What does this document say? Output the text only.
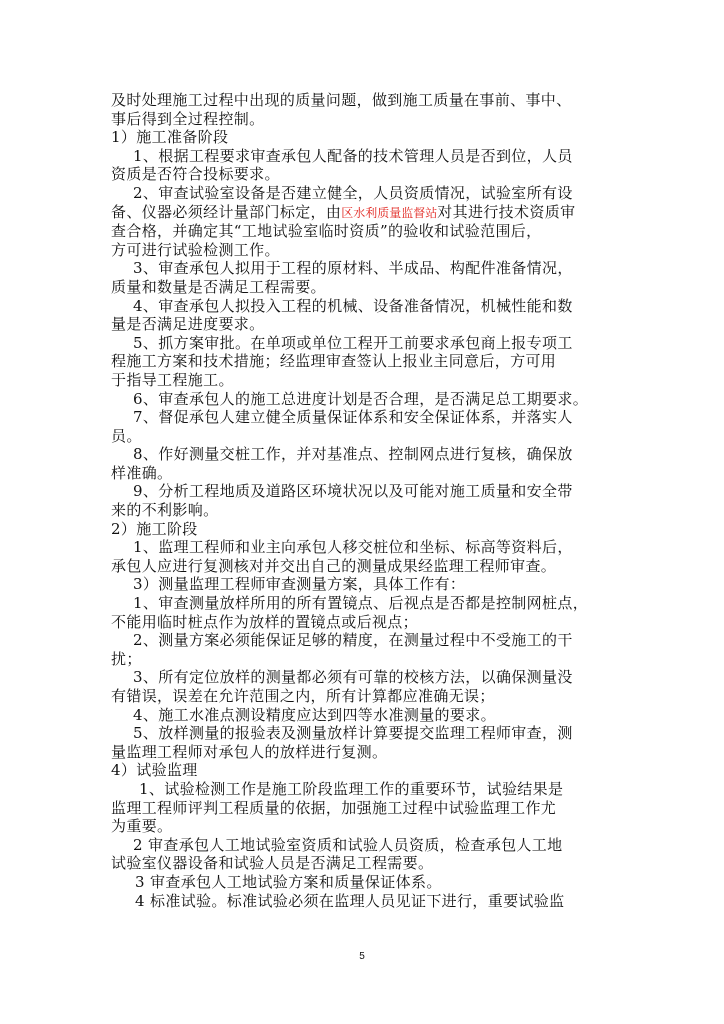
及时处理施工过程中出现的质量问题，做到施工质量在事前、事中、

事后得到全过程控制。

1）施工准备阶段

1、根据工程要求审查承包人配备的技术管理人员是否到位，人员

资质是否符合投标要求。

2、审查试验室设备是否建立健全，人员资质情况，试验室所有设

备、仪器必须经计量部门标定，由区水利质量监督站对其进行技术资质审

查合格，并确定其“工地试验室临时资质”的验收和试验范围后，

方可进行试验检测工作。

3、审查承包人拟用于工程的原材料、半成品、构配件准备情况，

质量和数量是否满足工程需要。

4、审查承包人拟投入工程的机械、设备准备情况，机械性能和数

量是否满足进度要求。

5、抓方案审批。在单项或单位工程开工前要求承包商上报专项工

程施工方案和技术措施；经监理审查签认上报业主同意后，方可用

于指导工程施工。

6、审查承包人的施工总进度计划是否合理，是否满足总工期要求。

7、督促承包人建立健全质量保证体系和安全保证体系，并落实人

员。

8、作好测量交桩工作，并对基准点、控制网点进行复核，确保放

样准确。

9、分析工程地质及道路区环境状况以及可能对施工质量和安全带

来的不利影响。

2）施工阶段

1、监理工程师和业主向承包人移交桩位和坐标、标高等资料后，

承包人应进行复测核对并交出自己的测量成果经监理工程师审查。

3）测量监理工程师审查测量方案，具体工作有：

1、审查测量放样所用的所有置镜点、后视点是否都是控制网桩点，

不能用临时桩点作为放样的置镜点或后视点；

2、测量方案必须能保证足够的精度，在测量过程中不受施工的干

扰；

3、所有定位放样的测量都必须有可靠的校核方法，以确保测量没

有错误，误差在允许范围之内，所有计算都应准确无误；

4、施工水准点测设精度应达到四等水准测量的要求。

5、放样测量的报验表及测量放样计算要提交监理工程师审查，测

量监理工程师对承包人的放样进行复测。

4）试验监理

1、试验检测工作是施工阶段监理工作的重要环节，试验结果是

监理工程师评判工程质量的依据，加强施工过程中试验监理工作尤

为重要。

2 审查承包人工地试验室资质和试验人员资质，检查承包人工地

试验室仪器设备和试验人员是否满足工程需要。

3 审查承包人工地试验方案和质量保证体系。

4 标准试验。标准试验必须在监理人员见证下进行，重要试验监

5
